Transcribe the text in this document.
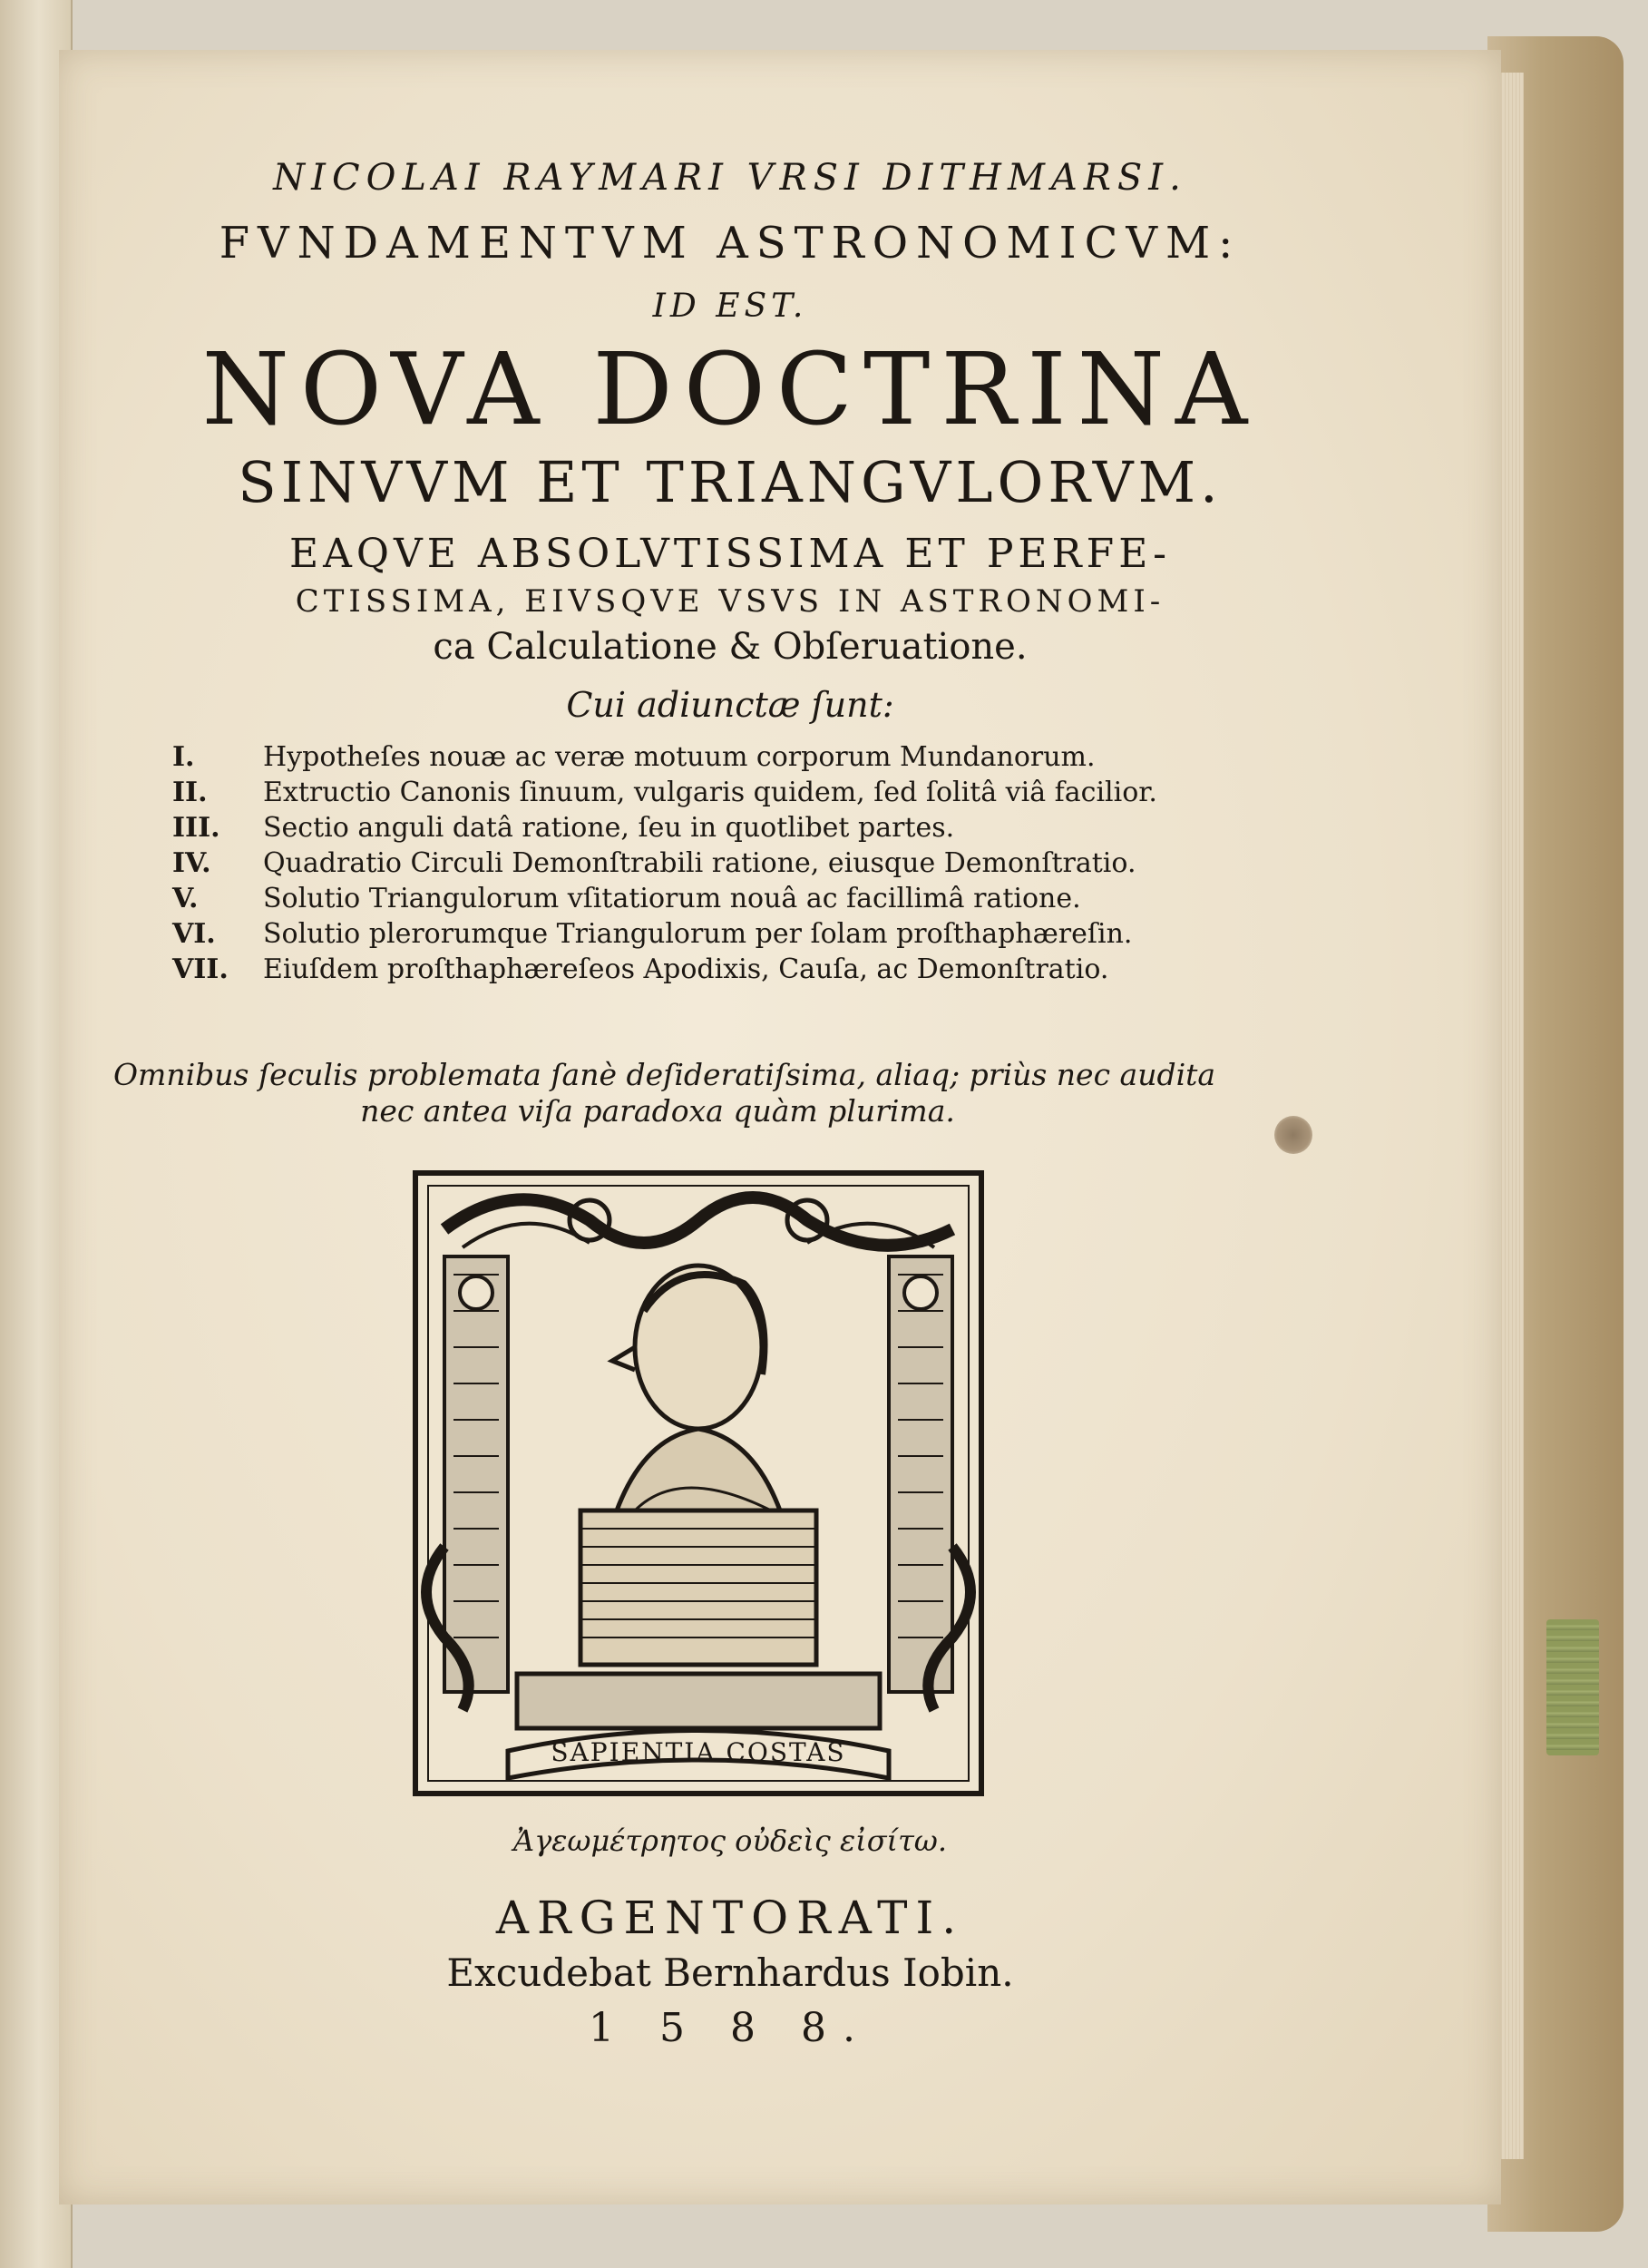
NICOLAI RAYMARI VRSI DITHMARSI.
FVNDAMENTVM ASTRONOMICVM:
ID EST.
NOVA DOCTRINA
SINVVM ET TRIANGVLORVM.
EAQVE ABSOLVTISSIMA ET PERFE-
CTISSIMA, EIVSQVE VSVS IN ASTRONOMI-
ca Calculatione & Obſeruatione.
Cui adiunctæ ſunt:
I.	Hypotheſes nouæ ac veræ motuum corporum Mundanorum.
II.	Extructio Canonis ſinuum, vulgaris quidem, ſed ſolitâ viâ facilior.
III.	Sectio anguli datâ ratione, ſeu in quotlibet partes.
IV.	Quadratio Circuli Demonſtrabili ratione, eiusque Demonſtratio.
V.	Solutio Triangulorum vſitatiorum nouâ ac facillimâ ratione.
VI.	Solutio plerorumque Triangulorum per ſolam proſthaphæreſin.
VII.	Eiuſdem proſthaphæreſeos Apodixis, Cauſa, ac Demonſtratio.
Omnibus ſeculis problemata ſanè deſideratiſsima, aliaq; priùs nec audita
nec antea viſa paradoxa quàm plurima.
SAPIENTIA COSTAS
Ἀγεωμέτρητος οὐδεὶς εἰσίτω.
ARGENTORATI.
Excudebat Bernhardus Iobin.
1 5 8 8.
